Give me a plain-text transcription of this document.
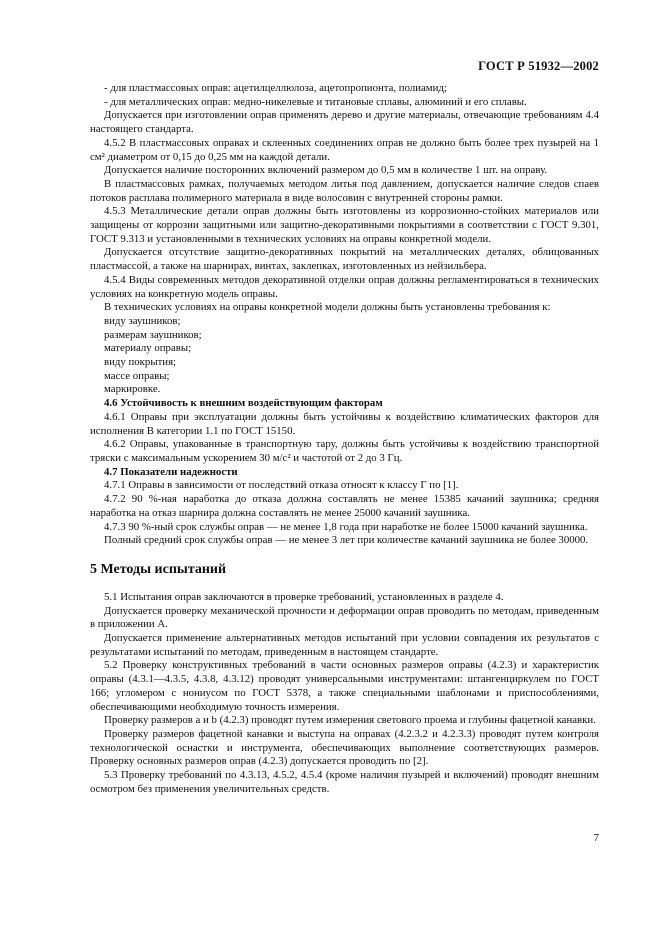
ГОСТ Р 51932—2002

- для пластмассовых оправ: ацетилцеллюлоза, ацетопропионта, полиамид;

- для металлических оправ: медно-никелевые и титановые сплавы, алюминий и его сплавы.

Допускается при изготовлении оправ применять дерево и другие материалы, отвечающие требованиям 4.4 настоящего стандарта.

4.5.2 В пластмассовых оправах и склеенных соединениях оправ не должно быть более трех пузырей на 1 см² диаметром от 0,15 до 0,25 мм на каждой детали.

Допускается наличие посторонних включений размером до 0,5 мм в количестве 1 шт. на оправу.

В пластмассовых рамках, получаемых методом литья под давлением, допускается наличие следов спаев потоков расплава полимерного материала в виде волосовин с внутренней стороны рамки.

4.5.3 Металлические детали оправ должны быть изготовлены из коррозионно-стойких материалов или защищены от коррозии защитными или защитно-декоративными покрытиями в соответствии с ГОСТ 9.301, ГОСТ 9.313 и установленными в технических условиях на оправы конкретной модели.

Допускается отсутствие защитно-декоративных покрытий на металлических деталях, облицованных пластмассой, а также на шарнирах, винтах, заклепках, изготовленных из нейзильбера.

4.5.4 Виды современных методов декоративной отделки оправ должны регламентироваться в технических условиях на конкретную модель оправы.

В технических условиях на оправы конкретной модели должны быть установлены требования к:

виду заушников;

размерам заушников;

материалу оправы;

виду покрытия;

массе оправы;

маркировке.

4.6 Устойчивость к внешним воздействующим факторам

4.6.1 Оправы при эксплуатации должны быть устойчивы к воздействию климатических факторов для исполнения В категории 1.1 по ГОСТ 15150.

4.6.2 Оправы, упакованные в транспортную тару, должны быть устойчивы к воздействию транспортной тряски с максимальным ускорением 30 м/с² и частотой от 2 до 3 Гц.

4.7 Показатели надежности

4.7.1 Оправы в зависимости от последствий отказа относят к классу Г по [1].

4.7.2 90 %-ная наработка до отказа должна составлять не менее 15385 качаний заушника; средняя наработка на отказ шарнира должна составлять не менее 25000 качаний заушника.

4.7.3 90 %-ный срок службы оправ — не менее 1,8 года при наработке не более 15000 качаний заушника.

Полный средний срок службы оправ — не менее 3 лет при количестве качаний заушника не более 30000.

5 Методы испытаний

5.1 Испытания оправ заключаются в проверке требований, установленных в разделе 4.

Допускается проверку механической прочности и деформации оправ проводить по методам, приведенным в приложении А.

Допускается применение альтернативных методов испытаний при условии совпадения их результатов с результатами испытаний по методам, приведенным в настоящем стандарте.

5.2 Проверку конструктивных требований в части основных размеров оправы (4.2.3) и характеристик оправы (4.3.1—4.3.5, 4.3.8, 4.3.12) проводят универсальными инструментами: штангенциркулем по ГОСТ 166; угломером с нониусом по ГОСТ 5378, а также специальными шаблонами и приспособлениями, обеспечивающими необходимую точность измерения.

Проверку размеров a и b (4.2.3) проводят путем измерения светового проема и глубины фацетной канавки.

Проверку размеров фацетной канавки и выступа на оправах (4.2.3.2 и 4.2.3.3) проводят путем контроля технологической оснастки и инструмента, обеспечивающих выполнение соответствующих размеров. Проверку основных размеров оправ (4.2.3) допускается проводить по [2].

5.3 Проверку требований по 4.3.13, 4.5.2, 4.5.4 (кроме наличия пузырей и включений) проводят внешним осмотром без применения увеличительных средств.

7
